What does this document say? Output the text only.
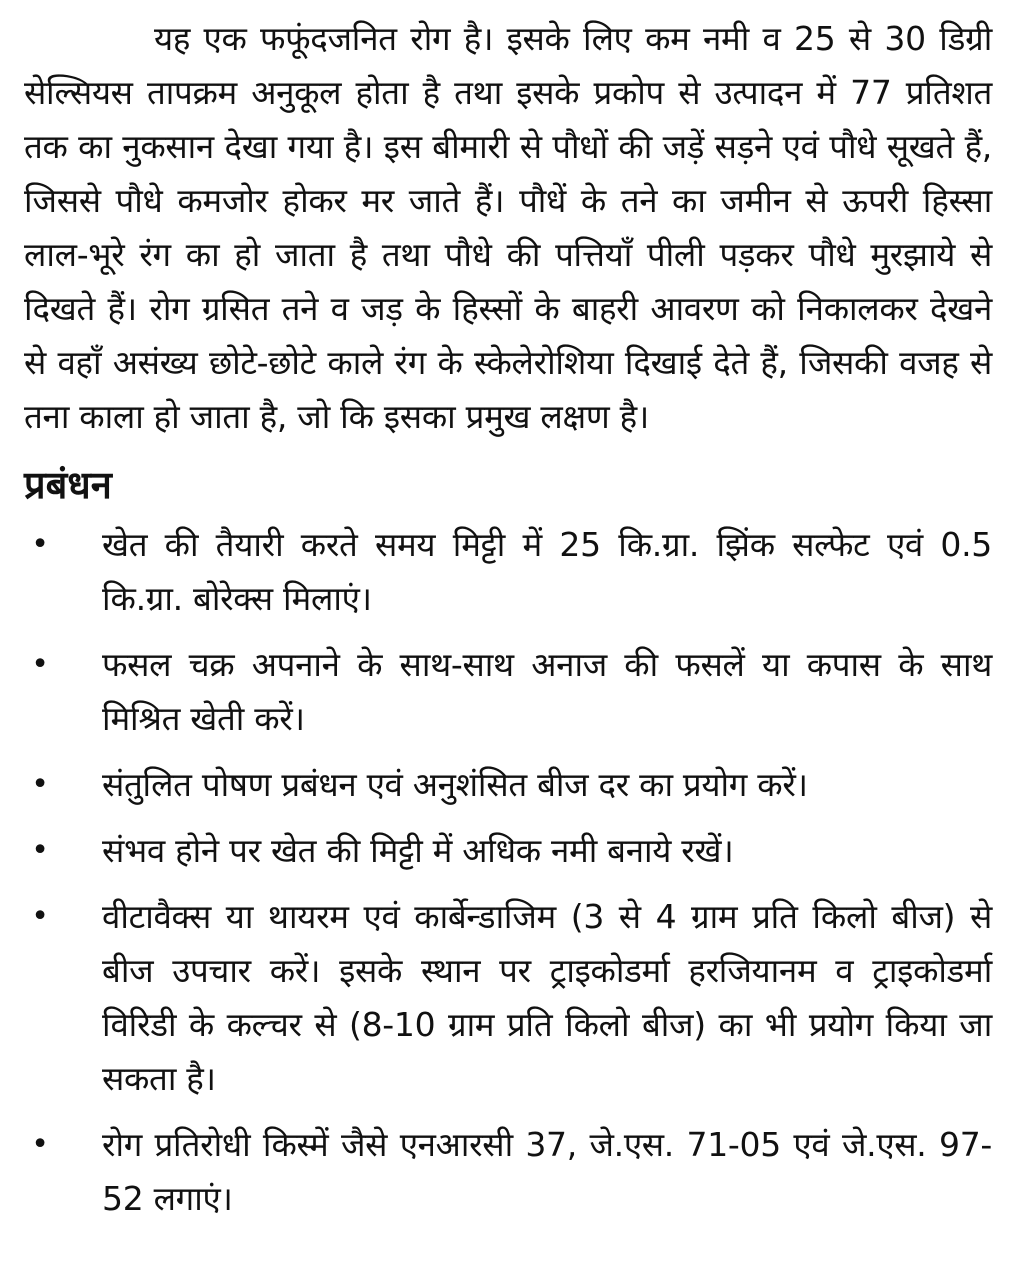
यह एक फफूंदजनित रोग है। इसके लिए कम नमी व 25 से 30 डिग्री सेल्सियस तापक्रम अनुकूल होता है तथा इसके प्रकोप से उत्पादन में 77 प्रतिशत तक का नुकसान देखा गया है। इस बीमारी से पौधों की जड़ें सड़ने एवं पौधे सूखते हैं, जिससे पौधे कमजोर होकर मर जाते हैं। पौधें के तने का जमीन से ऊपरी हिस्सा लाल-भूरे रंग का हो जाता है तथा पौधे की पत्तियाँ पीली पड़कर पौधे मुरझाये से दिखते हैं। रोग ग्रसित तने व जड़ के हिस्सों के बाहरी आवरण को निकालकर देखने से वहाँ असंख्य छोटे-छोटे काले रंग के स्केलेरोशिया दिखाई देते हैं, जिसकी वजह से तना काला हो जाता है, जो कि इसका प्रमुख लक्षण है।

प्रबंधन
• खेत की तैयारी करते समय मिट्टी में 25 कि.ग्रा. झिंक सल्फेट एवं 0.5 कि.ग्रा. बोरेक्स मिलाएं।
• फसल चक्र अपनाने के साथ-साथ अनाज की फसलें या कपास के साथ मिश्रित खेती करें।
• संतुलित पोषण प्रबंधन एवं अनुशंसित बीज दर का प्रयोग करें।
• संभव होने पर खेत की मिट्टी में अधिक नमी बनाये रखें।
• वीटावैक्स या थायरम एवं कार्बेन्डाजिम (3 से 4 ग्राम प्रति किलो बीज) से बीज उपचार करें। इसके स्थान पर ट्राइकोडर्मा हरजियानम व ट्राइकोडर्मा विरिडी के कल्चर से (8-10 ग्राम प्रति किलो बीज) का भी प्रयोग किया जा सकता है।
• रोग प्रतिरोधी किस्में जैसे एनआरसी 37, जे.एस. 71-05 एवं जे.एस. 97-52 लगाएं।
